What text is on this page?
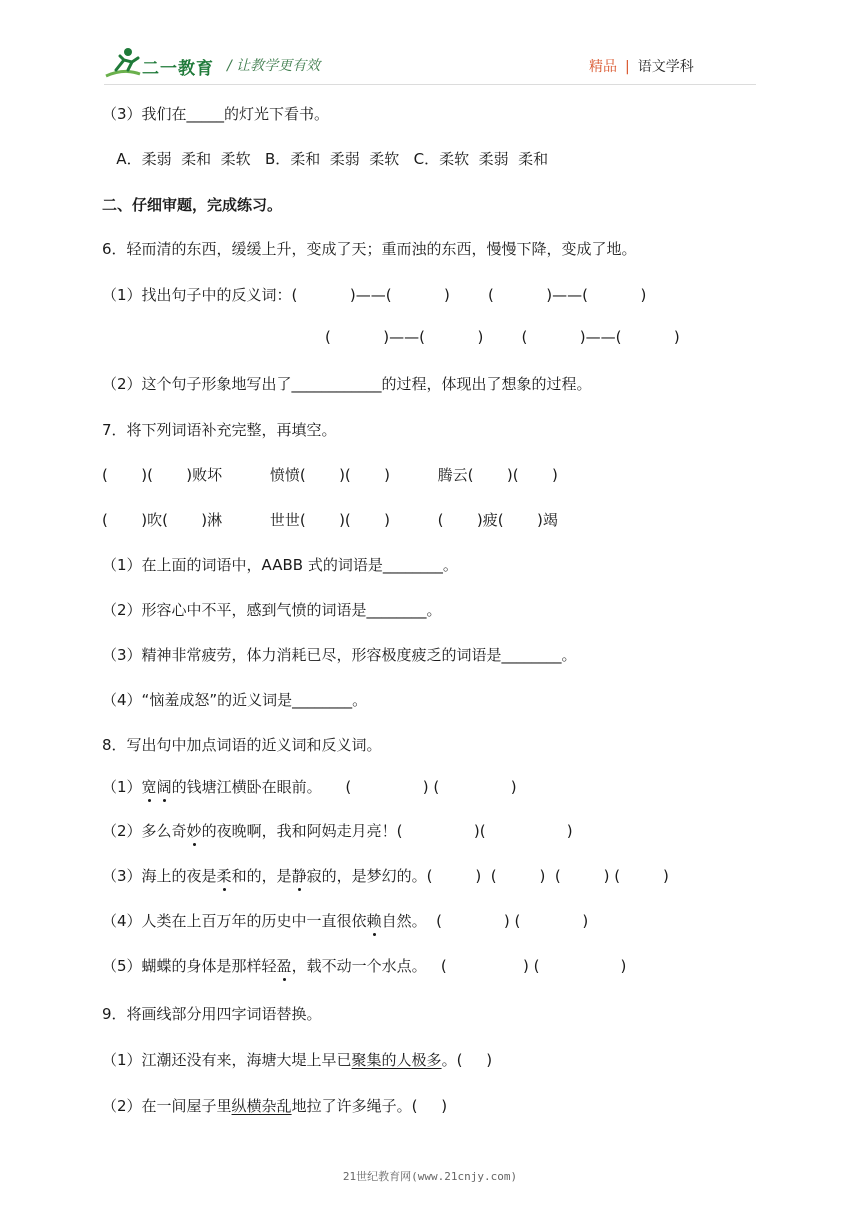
二一教育 / 让教学更有效	精品 | 语文学科
（3）我们在_____的灯光下看书。
A．柔弱  柔和  柔软   B．柔和  柔弱  柔软   C．柔软  柔弱  柔和
二、仔细审题，完成练习。
6．轻而清的东西，缓缓上升，变成了天；重而浊的东西，慢慢下降，变成了地。
（1）找出句子中的反义词：(           )——(           )        (           )——(           )
(           )——(           )        (           )——(           )
（2）这个句子形象地写出了____________的过程，体现出了想象的过程。
7．将下列词语补充完整，再填空。
(       )(       )败坏          愤愤(       )(       )          腾云(       )(       )
(       )吹(       )淋          世世(       )(       )          (       )疲(       )竭
（1）在上面的词语中，AABB 式的词语是________。
（2）形容心中不平，感到气愤的词语是________。
（3）精神非常疲劳，体力消耗已尽，形容极度疲乏的词语是________。
（4）“恼羞成怒”的近义词是________。
8．写出句中加点词语的近义词和反义词。
（1）宽阔的钱塘江横卧在眼前。     (               ) (               )
（2）多么奇妙的夜晚啊，我和阿妈走月亮！(               )(                 )
（3）海上的夜是柔和的，是静寂的，是梦幻的。(         )  (         )  (         ) (         )
（4）人类在上百万年的历史中一直很依赖自然。  (             ) (             )
（5）蝴蝶的身体是那样轻盈，载不动一个水点。   (                ) (                 )
9．将画线部分用四字词语替换。
（1）江潮还没有来，海塘大堤上早已聚集的人极多。(     )
（2）在一间屋子里纵横杂乱地拉了许多绳子。(     )
21世纪教育网(www.21cnjy.com)
